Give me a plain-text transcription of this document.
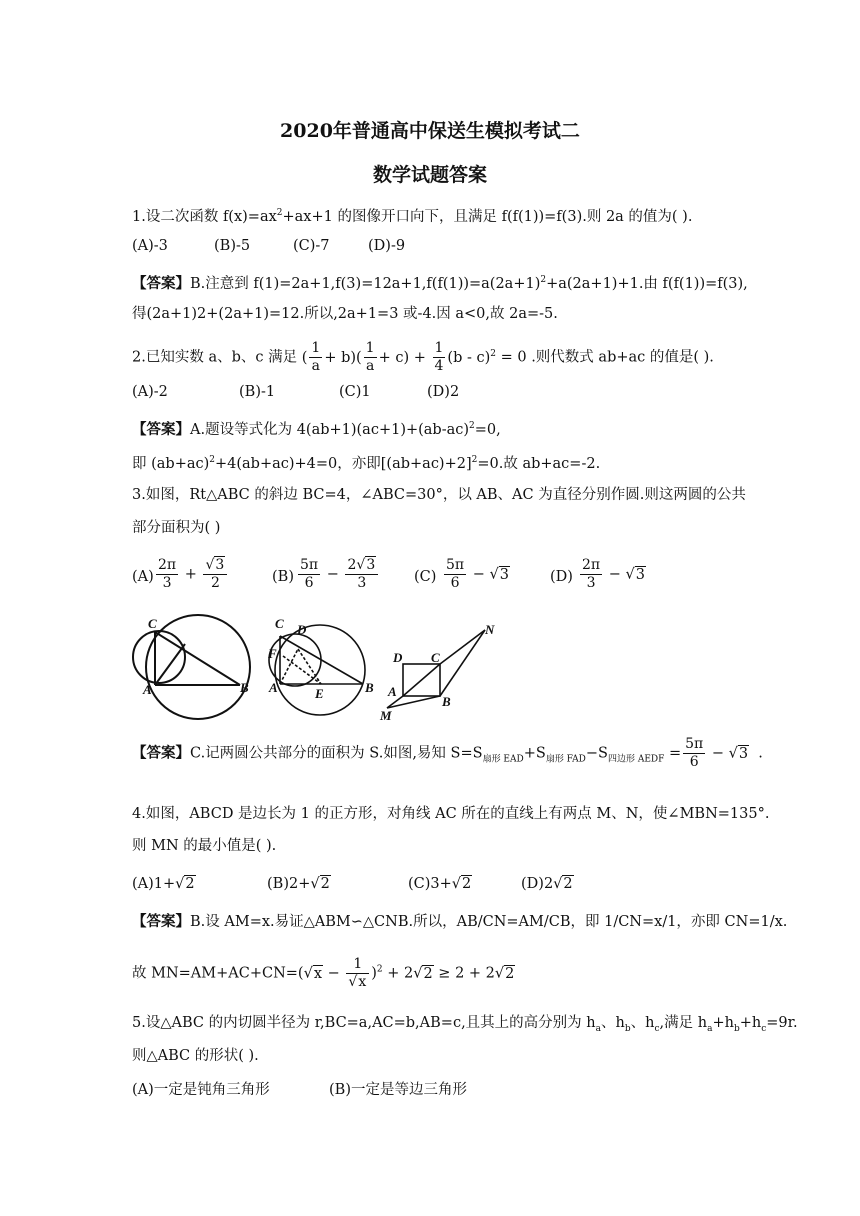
2020年普通高中保送生模拟考试二
数学试题答案
1.设二次函数 $f(x)=ax^2+ax+1$ 的图像开口向下，且满足 f(f(1))=f(3).则 2a 的值为( ).
(A)-3	(B)-5	(C)-7	(D)-9
【答案】B.注意到 $f(1)=2a+1,f(3)=12a+1,f(f(1))=a(2a+1)^2+a(2a+1)+1$.由 f(f(1))=f(3),
得(2a+1)2+(2a+1)=12.所以,2a+1=3 或-4.因 a<0,故 2a=-5.
2.已知实数 a、b、c 满足 ( $\frac{1}{a} + b)( \frac{1}{a} + c) + \frac{1}{4} (b - c)^2 = 0$ .则代数式 ab+ac 的值是( ).
(A)-2	(B)-1	(C)1	(D)2
【答案】A.题设等式化为 $4(ab+1)(ac+1)+(ab-ac)^2=0$,
即 $(ab+ac)^2+4(ab+ac)+4=0$，亦即$[(ab+ac)+2]^2=0$.故 ab+ac=-2.
3.如图，Rt△ABC 的斜边 BC=4，∠ABC=30°，以 AB、AC 为直径分别作圆.则这两圆的公共
部分面积为( )
$(A) \frac{2\pi}{3} + \frac{√3}{2}$	$(B) \frac{5\pi}{6} - \frac{2√3}{3} (C) \frac{5\pi}{6} - √3$	$(D) \frac{2\pi}{3} - √3$
C
A	B
C D
F
A	E	B
D C
N
A
B
M
【答案】C.记两圆公共部分的面积为 S.如图,易知 $S=S_{扇形 EAD}+S_{扇形 FAD}-S_{四边形 AEDF} = \frac{5\pi}{6} - √3$  .
4.如图，ABCD 是边长为 1 的正方形，对角线 AC 所在的直线上有两点 M、N，使∠MBN=135°.
则 MN 的最小值是( ).
(A)1+√2	(B)2+√2	(C)3+√2	(D)2√2
【答案】B.设 AM=x.易证△ABM∽△CNB.所以，AB/CN=AM/CB，即 1/CN=x/1，亦即 CN=1/x.
故 $MN=AM+AC+CN=(√x - \frac{1}{√x} )^2 + 2√2 \ge 2 + 2√2$
5.设△ABC 的内切圆半径为 r,BC=a,AC=b,AB=c,且其上的高分别为 $h_a$、$h_b$、$h_c$,满足 $h_a+h_b+h_c=9r$.
则△ABC 的形状( ).
(A)一定是钝角三角形	(B)一定是等边三角形
